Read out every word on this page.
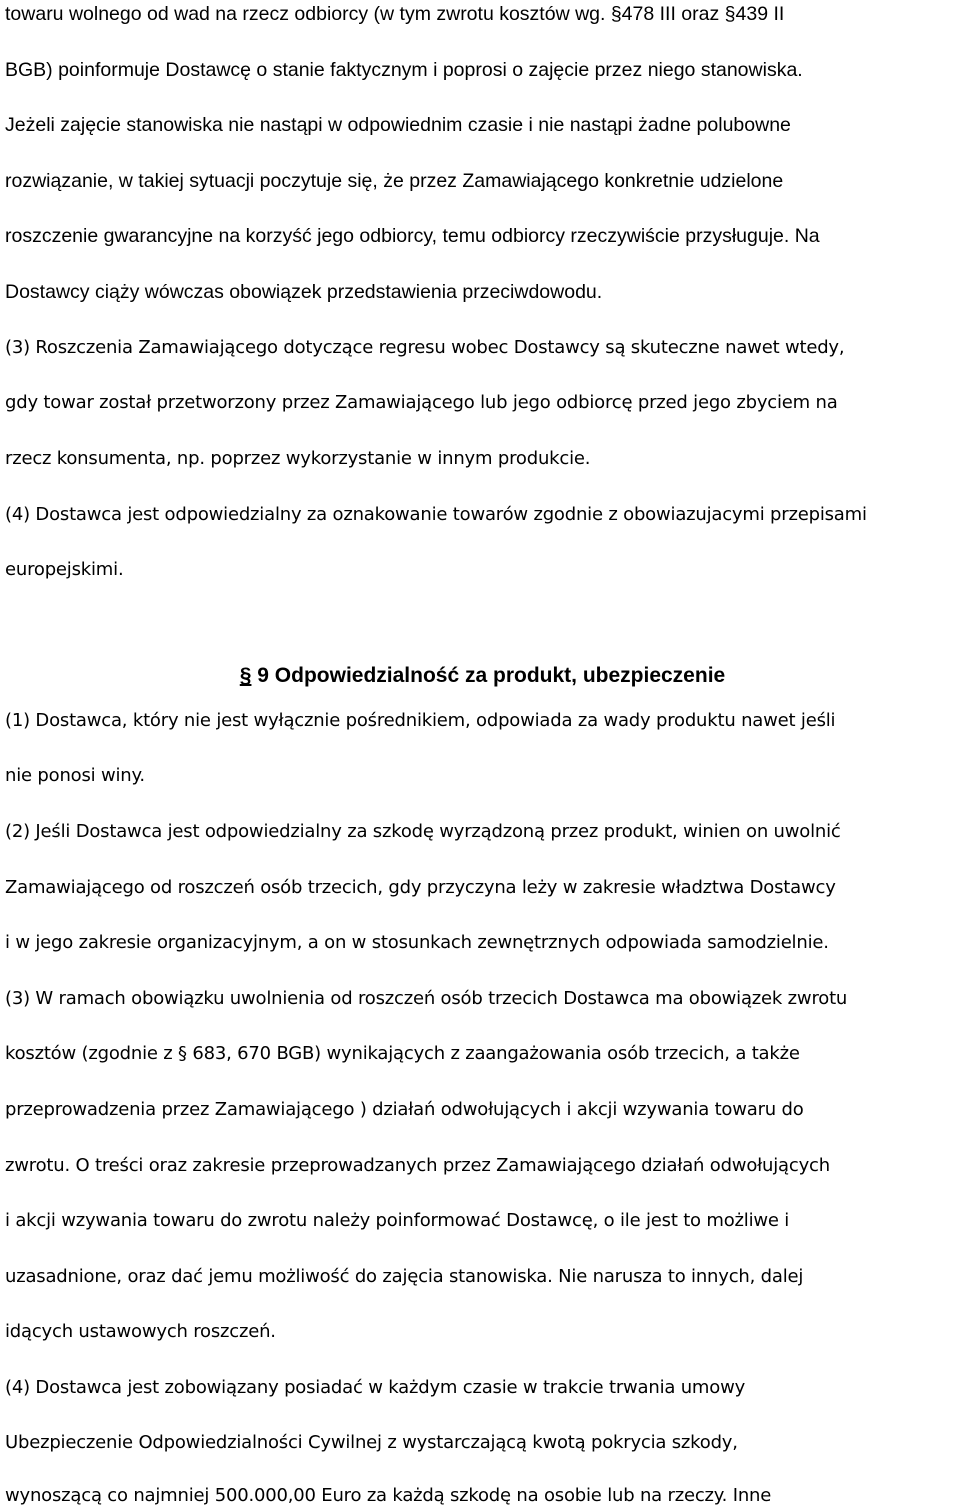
towaru wolnego od wad na rzecz odbiorcy (w tym zwrotu kosztów wg. §478 III oraz §439 II
BGB) poinformuje Dostawcę o stanie faktycznym i poprosi o zajęcie przez niego stanowiska.
Jeżeli zajęcie stanowiska nie nastąpi w odpowiednim czasie i nie nastąpi żadne polubowne
rozwiązanie, w takiej sytuacji poczytuje się, że przez Zamawiającego konkretnie udzielone
roszczenie gwarancyjne na korzyść jego odbiorcy, temu odbiorcy rzeczywiście przysługuje. Na
Dostawcy ciąży wówczas obowiązek przedstawienia przeciwdowodu.
(3) Roszczenia Zamawiającego dotyczące regresu wobec Dostawcy są skuteczne nawet wtedy,
gdy towar został przetworzony przez Zamawiającego lub jego odbiorcę przed jego zbyciem na
rzecz konsumenta, np. poprzez wykorzystanie w innym produkcie.
(4) Dostawca jest odpowiedzialny za oznakowanie towarów zgodnie z obowiazujacymi przepisami
europejskimi.
§ 9 Odpowiedzialność za produkt, ubezpieczenie
(1) Dostawca, który nie jest wyłącznie pośrednikiem, odpowiada za wady produktu nawet jeśli
nie ponosi winy.
(2) Jeśli Dostawca jest odpowiedzialny za szkodę wyrządzoną przez produkt, winien on uwolnić
Zamawiającego od roszczeń osób trzecich, gdy przyczyna leży w zakresie władztwa Dostawcy
i w jego zakresie organizacyjnym, a on w stosunkach zewnętrznych odpowiada samodzielnie.
(3) W ramach obowiązku uwolnienia od roszczeń osób trzecich Dostawca ma obowiązek zwrotu
kosztów (zgodnie z § 683, 670 BGB) wynikających z zaangażowania osób trzecich, a także
przeprowadzenia przez Zamawiającego ) działań odwołujących i akcji wzywania towaru do
zwrotu. O treści oraz zakresie przeprowadzanych przez Zamawiającego działań odwołujących
i akcji wzywania towaru do zwrotu należy poinformować Dostawcę, o ile jest to możliwe i
uzasadnione, oraz dać jemu możliwość do zajęcia stanowiska. Nie narusza to innych, dalej
idących ustawowych roszczeń.
(4) Dostawca jest zobowiązany posiadać w każdym czasie w trakcie trwania umowy
Ubezpieczenie Odpowiedzialności Cywilnej z wystarczającą kwotą pokrycia szkody,
wynoszącą co najmniej 500.000,00 Euro za każdą szkodę na osobie lub na rzeczy. Inne
